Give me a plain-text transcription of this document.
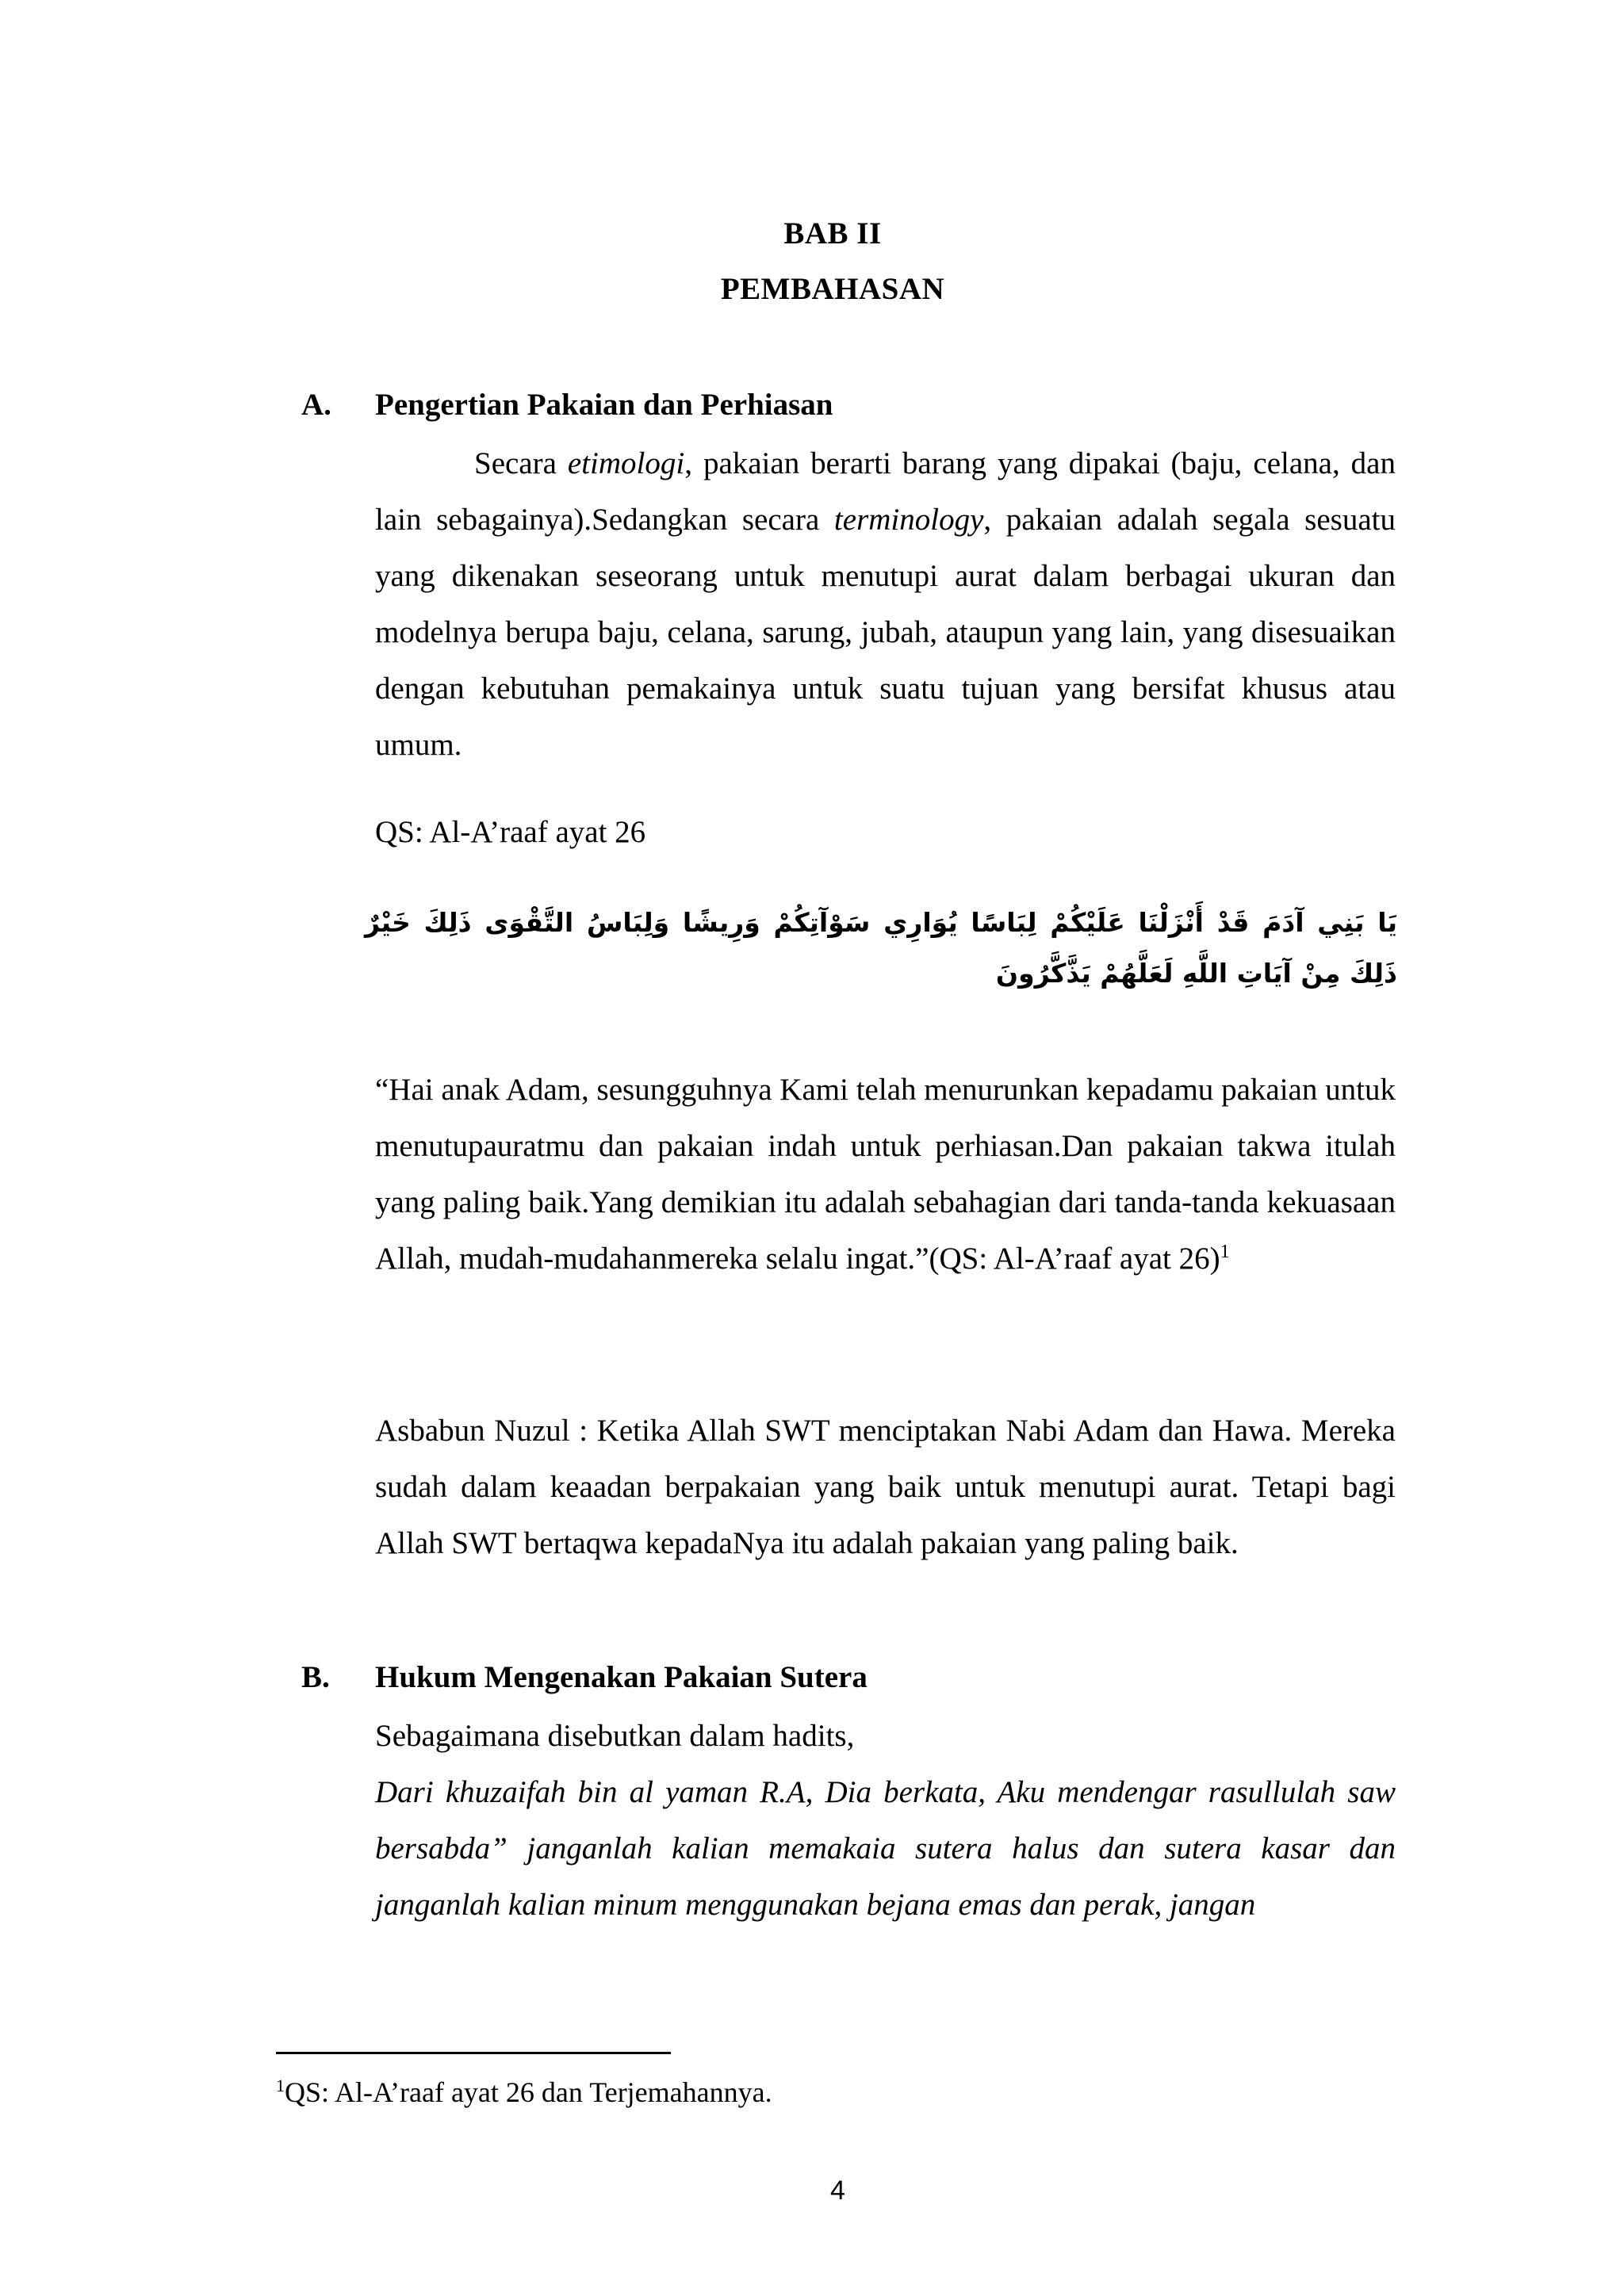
BAB II
PEMBAHASAN
A. Pengertian Pakaian dan Perhiasan
Secara etimologi, pakaian berarti barang yang dipakai (baju, celana, dan lain sebagainya).Sedangkan secara terminology, pakaian adalah segala sesuatu yang dikenakan seseorang untuk menutupi aurat dalam berbagai ukuran dan modelnya berupa baju, celana, sarung, jubah, ataupun yang lain, yang disesuaikan dengan kebutuhan pemakainya untuk suatu tujuan yang bersifat khusus atau umum.
QS: Al-A’raaf ayat 26
يَا بَنِي آدَمَ قَدْ أَنْزَلْنَا عَلَيْكُمْ لِبَاسًا يُوَارِي سَوْآتِكُمْ وَرِيشًا وَلِبَاسُ التَّقْوَى ذَلِكَ خَيْرٌ ذَلِكَ مِنْ آيَاتِ اللَّهِ لَعَلَّهُمْ يَذَّكَّرُونَ
“Hai anak Adam, sesungguhnya Kami telah menurunkan kepadamu pakaian untuk menutupauratmu dan pakaian indah untuk perhiasan.Dan pakaian takwa itulah yang paling baik.Yang demikian itu adalah sebahagian dari tanda-tanda kekuasaan Allah, mudah-mudahanmereka selalu ingat.”(QS: Al-A’raaf ayat 26)$^1$
Asbabun Nuzul : Ketika Allah SWT menciptakan Nabi Adam dan Hawa. Mereka sudah dalam keaadan berpakaian yang baik untuk menutupi aurat. Tetapi bagi Allah SWT bertaqwa kepadaNya itu adalah pakaian yang paling baik.
B. Hukum Mengenakan Pakaian Sutera
Sebagaimana disebutkan dalam hadits,
Dari khuzaifah bin al yaman R.A, Dia berkata, Aku mendengar rasullulah saw bersabda” janganlah kalian memakaia sutera halus dan sutera kasar dan janganlah kalian minum menggunakan bejana emas dan perak, jangan
$^1$QS: Al-A’raaf ayat 26 dan Terjemahannya.
4
